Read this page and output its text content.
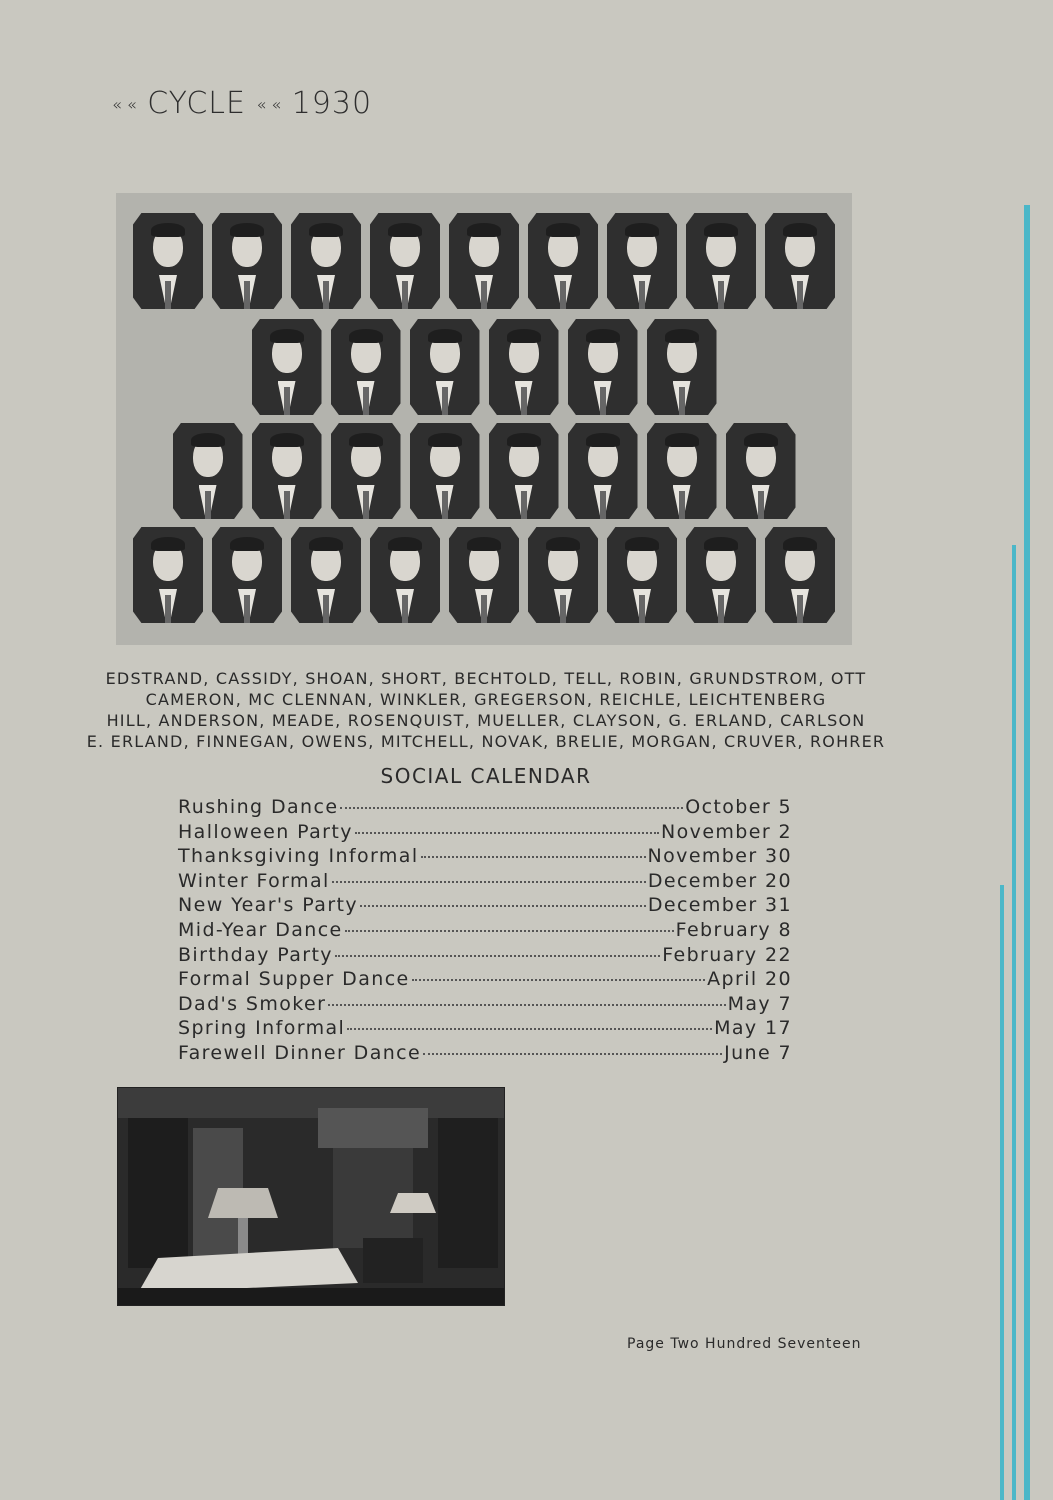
« « CYCLE « « 1930
EDSTRAND, CASSIDY, SHOAN, SHORT, BECHTOLD, TELL, ROBIN, GRUNDSTROM, OTT
CAMERON, MC CLENNAN, WINKLER, GREGERSON, REICHLE, LEICHTENBERG
HILL, ANDERSON, MEADE, ROSENQUIST, MUELLER, CLAYSON, G. ERLAND, CARLSON
E. ERLAND, FINNEGAN, OWENS, MITCHELL, NOVAK, BRELIE, MORGAN, CRUVER, ROHRER
SOCIAL CALENDAR
Rushing Dance	October 5
Halloween Party	November 2
Thanksgiving Informal	November 30
Winter Formal	December 20
New Year's Party	December 31
Mid-Year Dance	February 8
Birthday Party	February 22
Formal Supper Dance	April 20
Dad's Smoker	May 7
Spring Informal	May 17
Farewell Dinner Dance	June 7
Page Two Hundred Seventeen
